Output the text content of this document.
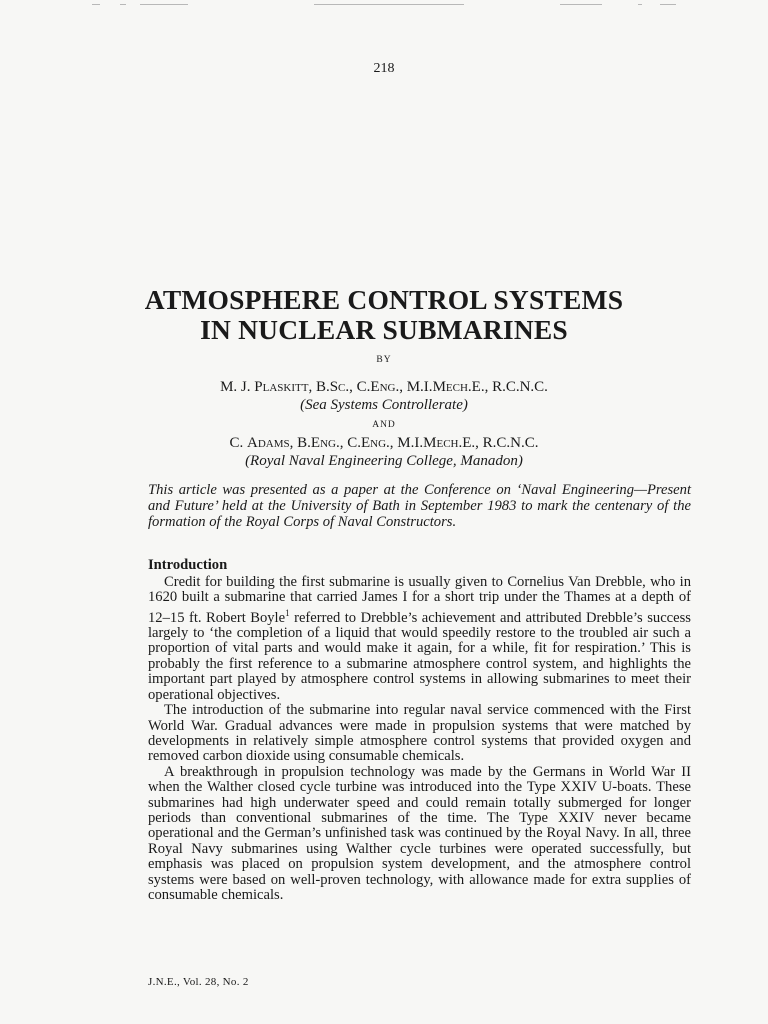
218
ATMOSPHERE CONTROL SYSTEMS
IN NUCLEAR SUBMARINES
BY
M. J. Plaskitt, B.Sc., C.Eng., M.I.Mech.E., R.C.N.C.
(Sea Systems Controllerate)
AND
C. Adams, B.Eng., C.Eng., M.I.Mech.E., R.C.N.C.
(Royal Naval Engineering College, Manadon)
This article was presented as a paper at the Conference on ‘Naval Engineering—Present and Future’ held at the University of Bath in September 1983 to mark the centenary of the formation of the Royal Corps of Naval Constructors.
Introduction

Credit for building the first submarine is usually given to Cornelius Van Drebble, who in 1620 built a submarine that carried James I for a short trip under the Thames at a depth of 12–15 ft. Robert Boyle$^1$ referred to Drebble’s achievement and attributed Drebble’s success largely to ‘the completion of a liquid that would speedily restore to the troubled air such a proportion of vital parts and would make it again, for a while, fit for respiration.’ This is probably the first reference to a submarine atmosphere control system, and highlights the important part played by atmosphere control systems in allowing submarines to meet their operational objectives.

The introduction of the submarine into regular naval service commenced with the First World War. Gradual advances were made in propulsion systems that were matched by developments in relatively simple atmosphere control systems that provided oxygen and removed carbon dioxide using consumable chemicals.

A breakthrough in propulsion technology was made by the Germans in World War II when the Walther closed cycle turbine was introduced into the Type XXIV U-boats. These submarines had high underwater speed and could remain totally submerged for longer periods than conventional submarines of the time. The Type XXIV never became operational and the German’s unfinished task was continued by the Royal Navy. In all, three Royal Navy submarines using Walther cycle turbines were operated successfully, but emphasis was placed on propulsion system development, and the atmosphere control systems were based on well-proven technology, with allowance made for extra supplies of consumable chemicals.

J.N.E., Vol. 28, No. 2
